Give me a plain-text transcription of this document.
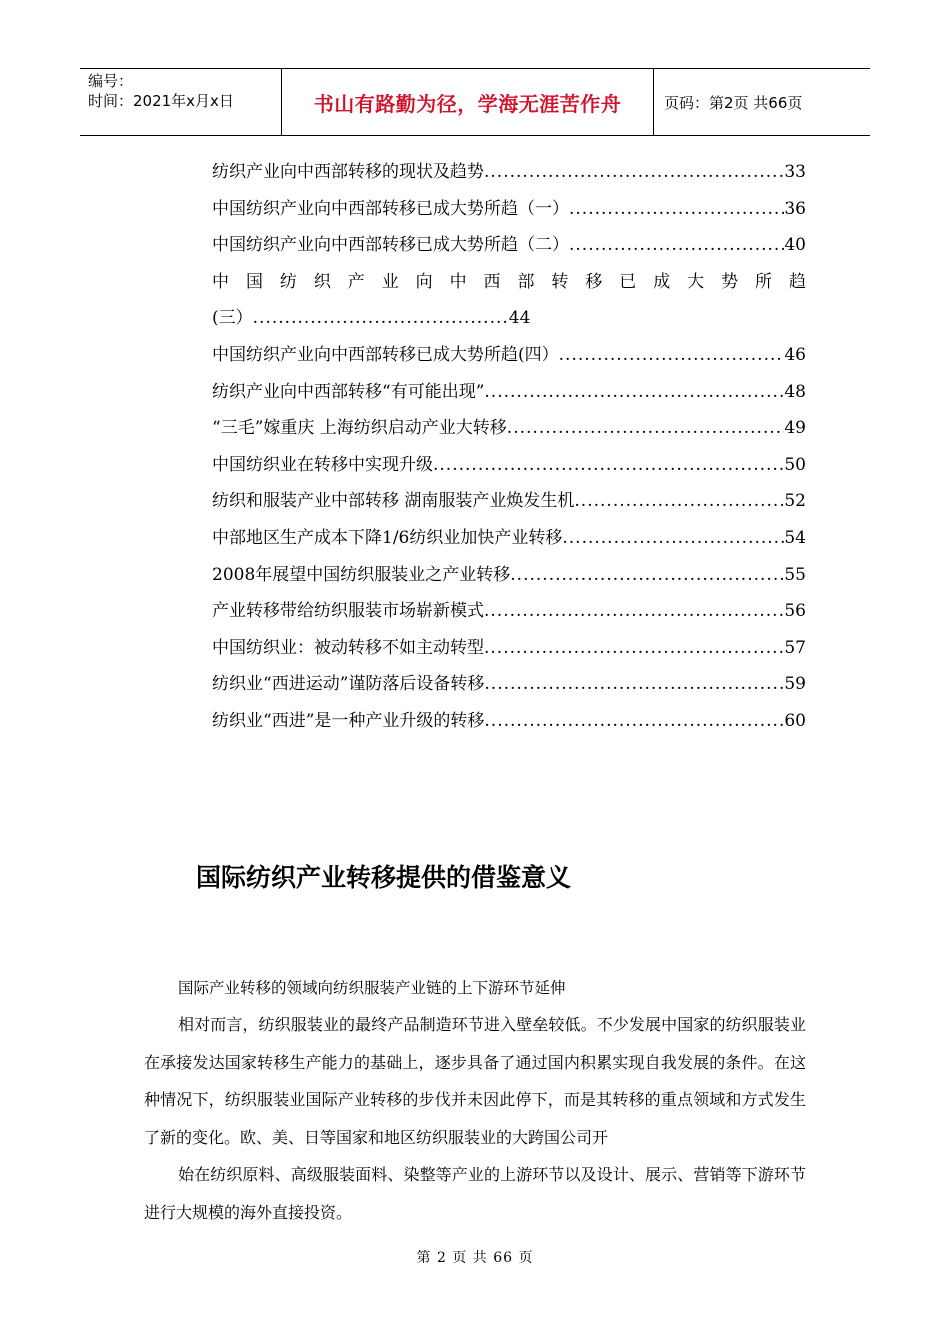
编号：
时间：2021年x月x日	书山有路勤为径，学海无涯苦作舟	页码：第2页 共66页
纺织产业向中西部转移的现状及趋势 .....	33
中国纺织产业向中西部转移已成大势所趋（一） .....	36
中国纺织产业向中西部转移已成大势所趋（二） .....	40
中 国 纺 织 产 业 向 中 西 部 转 移 已 成 大 势 所 趋
(三） ........................................ 44
中国纺织产业向中西部转移已成大势所趋(四） .....	46
纺织产业向中西部转移“有可能出现” .....	48
“三毛”嫁重庆 上海纺织启动产业大转移 .....	49
中国纺织业在转移中实现升级 .....	50
纺织和服装产业中部转移 湖南服装产业焕发生机 .....	52
中部地区生产成本下降1/6纺织业加快产业转移 .....	54
2008年展望中国纺织服装业之产业转移 .....	55
产业转移带给纺织服装市场崭新模式 .....	56
中国纺织业：被动转移不如主动转型 .....	57
纺织业“西进运动”谨防落后设备转移 .....	59
纺织业“西进”是一种产业升级的转移 .....	60
国际纺织产业转移提供的借鉴意义
国际产业转移的领域向纺织服装产业链的上下游环节延伸

相对而言，纺织服装业的最终产品制造环节进入壁垒较低。不少发展中国家的纺织服装业在承接发达国家转移生产能力的基础上，逐步具备了通过国内积累实现自我发展的条件。在这种情况下，纺织服装业国际产业转移的步伐并未因此停下，而是其转移的重点领域和方式发生了新的变化。欧、美、日等国家和地区纺织服装业的大跨国公司开

始在纺织原料、高级服装面料、染整等产业的上游环节以及设计、展示、营销等下游环节进行大规模的海外直接投资。

第 2 页 共 66 页
